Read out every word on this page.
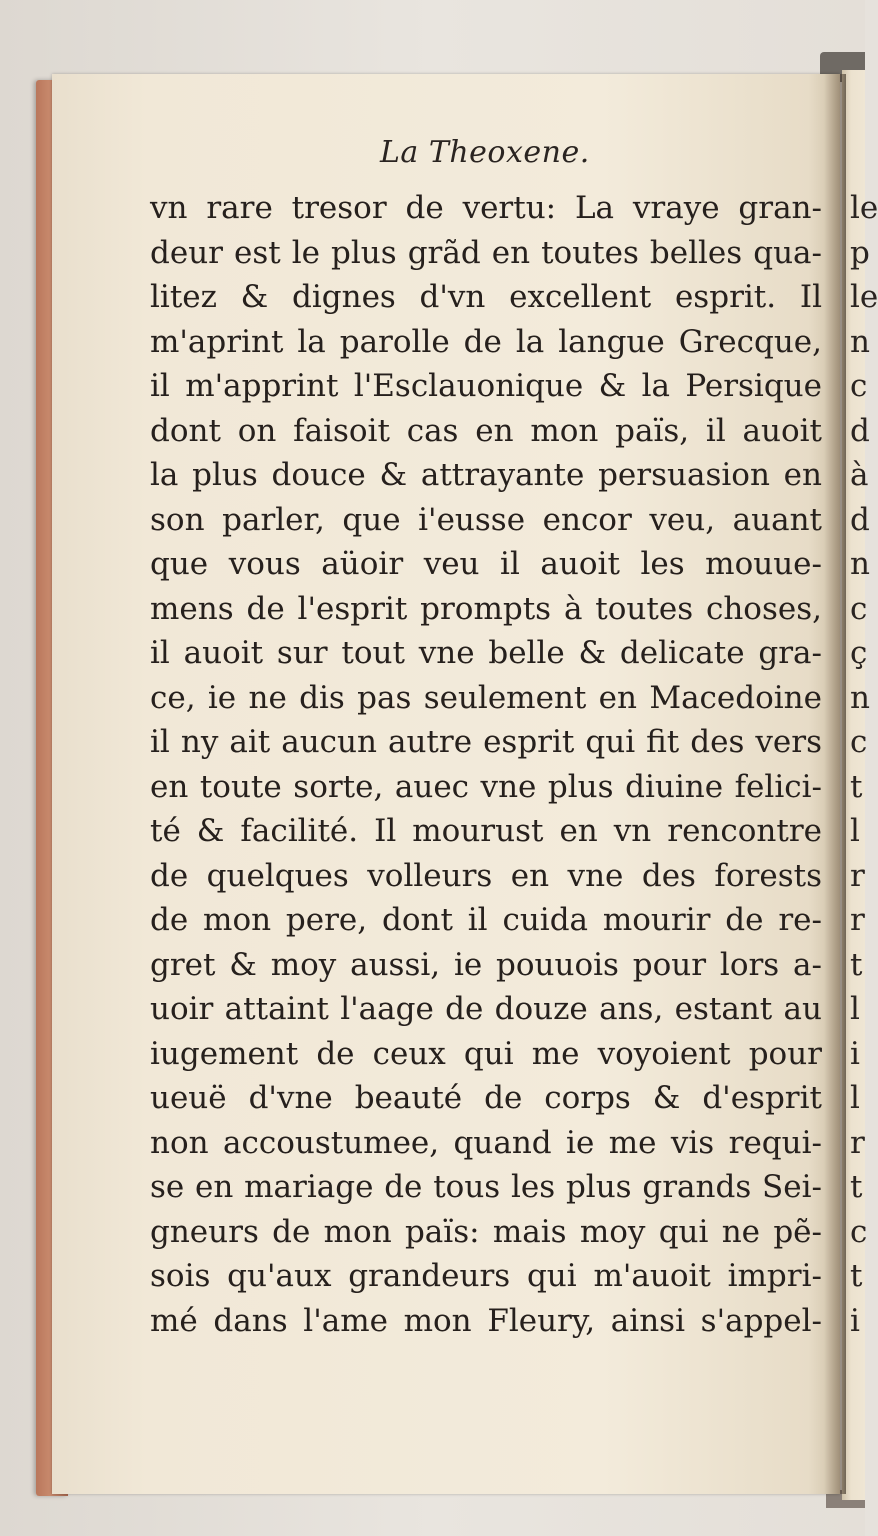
le
p
le
n
c
d
à
d
n
c
ç
n
c
t
l
r
r
t
l
i
l
r
t
c
t
i
La Theoxene.
vn rare tresor de vertu: La vraye gran-
deur est le plus grãd en toutes belles qua-
litez & dignes d'vn excellent esprit. Il
m'aprint la parolle de la langue Grecque,
il m'apprint l'Esclauonique & la Persique
dont on faisoit cas en mon païs, il auoit
la plus douce & attrayante persuasion en
son parler, que i'eusse encor veu, auant
que vous aüoir veu il auoit les mouue-
mens de l'esprit prompts à toutes choses,
il auoit sur tout vne belle & delicate gra-
ce, ie ne dis pas seulement en Macedoine
il ny ait aucun autre esprit qui fit des vers
en toute sorte, auec vne plus diuine felici-
té & facilité. Il mourust en vn rencontre
de quelques volleurs en vne des forests
de mon pere, dont il cuida mourir de re-
gret & moy aussi, ie pouuois pour lors a-
uoir attaint l'aage de douze ans, estant au
iugement de ceux qui me voyoient pour
ueuë d'vne beauté de corps & d'esprit
non accoustumee, quand ie me vis requi-
se en mariage de tous les plus grands Sei-
gneurs de mon païs: mais moy qui ne pẽ-
sois qu'aux grandeurs qui m'auoit impri-
mé dans l'ame mon Fleury, ainsi s'appel-
